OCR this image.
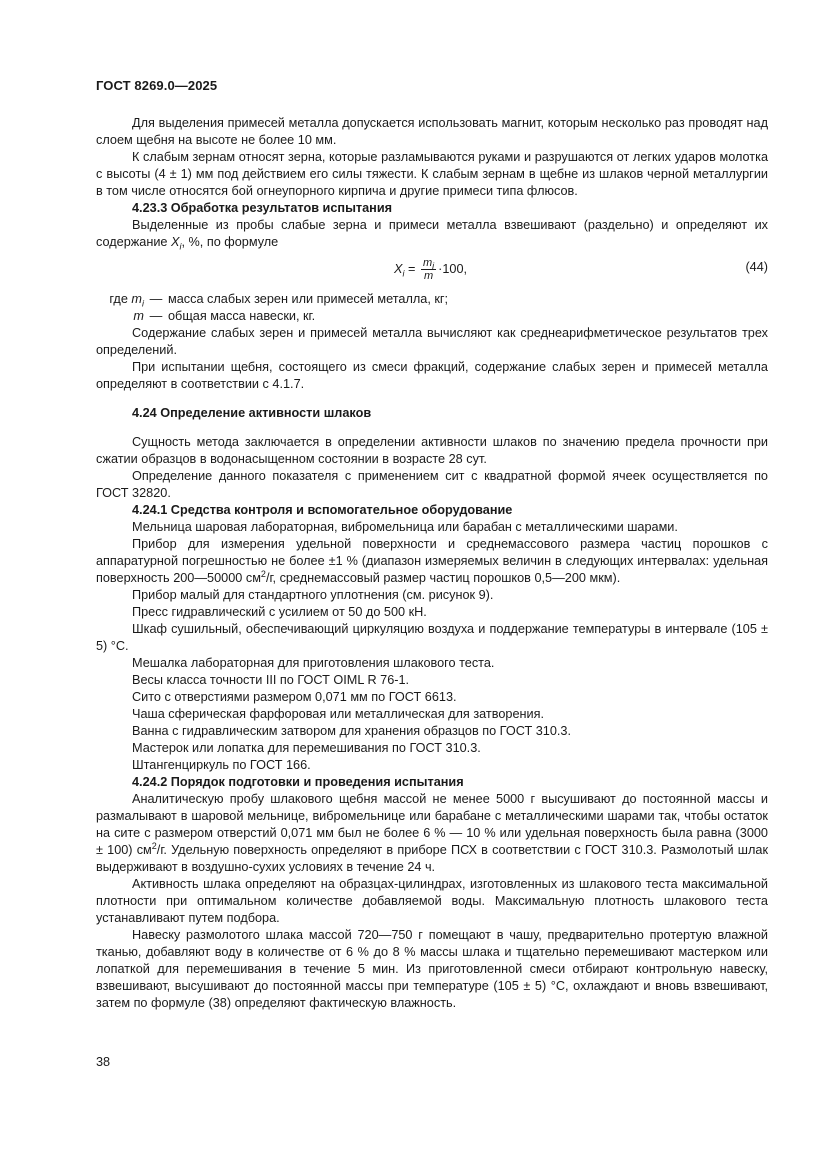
ГОСТ 8269.0—2025

Для выделения примесей металла допускается использовать магнит, которым несколько раз проводят над слоем щебня на высоте не более 10 мм.

К слабым зернам относят зерна, которые разламываются руками и разрушаются от легких ударов молотка с высоты (4 ± 1) мм под действием его силы тяжести. К слабым зернам в щебне из шлаков черной металлургии в том числе относятся бой огнеупорного кирпича и другие примеси типа флюсов.

4.23.3 Обработка результатов испытания

Выделенные из пробы слабые зерна и примеси металла взвешивают (раздельно) и определяют их содержание $X_i$, %, по формуле

$X_i = \frac{m_i}{m} \cdot 100$,	(44)
где $m_i$ — масса слабых зерен или примесей металла, кг;
m — общая масса навески, кг.

Содержание слабых зерен и примесей металла вычисляют как среднеарифметическое результатов трех определений.

При испытании щебня, состоящего из смеси фракций, содержание слабых зерен и примесей металла определяют в соответствии с 4.1.7.

4.24 Определение активности шлаков

Сущность метода заключается в определении активности шлаков по значению предела прочности при сжатии образцов в водонасыщенном состоянии в возрасте 28 сут.

Определение данного показателя с применением сит с квадратной формой ячеек осуществляется по ГОСТ 32820.

4.24.1 Средства контроля и вспомогательное оборудование

Мельница шаровая лабораторная, вибромельница или барабан с металлическими шарами.

Прибор для измерения удельной поверхности и среднемассового размера частиц порошков с аппаратурной погрешностью не более ±1 % (диапазон измеряемых величин в следующих интервалах: удельная поверхность 200—50000 $см^2/г$, среднемассовый размер частиц порошков 0,5—200 мкм).

Прибор малый для стандартного уплотнения (см. рисунок 9).

Пресс гидравлический с усилием от 50 до 500 кН.

Шкаф сушильный, обеспечивающий циркуляцию воздуха и поддержание температуры в интервале (105 ± 5) °С.

Мешалка лабораторная для приготовления шлакового теста.

Весы класса точности III по ГОСТ OIML R 76-1.

Сито с отверстиями размером 0,071 мм по ГОСТ 6613.

Чаша сферическая фарфоровая или металлическая для затворения.

Ванна с гидравлическим затвором для хранения образцов по ГОСТ 310.3.

Мастерок или лопатка для перемешивания по ГОСТ 310.3.

Штангенциркуль по ГОСТ 166.

4.24.2 Порядок подготовки и проведения испытания

Аналитическую пробу шлакового щебня массой не менее 5000 г высушивают до постоянной массы и размалывают в шаровой мельнице, вибромельнице или барабане с металлическими шарами так, чтобы остаток на сите с размером отверстий 0,071 мм был не более 6 % — 10 % или удельная поверхность была равна (3000 ± 100) $см^2/г$. Удельную поверхность определяют в приборе ПСХ в соответствии с ГОСТ 310.3. Размолотый шлак выдерживают в воздушно-сухих условиях в течение 24 ч.

Активность шлака определяют на образцах-цилиндрах, изготовленных из шлакового теста максимальной плотности при оптимальном количестве добавляемой воды. Максимальную плотность шлакового теста устанавливают путем подбора.

Навеску размолотого шлака массой 720—750 г помещают в чашу, предварительно протертую влажной тканью, добавляют воду в количестве от 6 % до 8 % массы шлака и тщательно перемешивают мастерком или лопаткой для перемешивания в течение 5 мин. Из приготовленной смеси отбирают контрольную навеску, взвешивают, высушивают до постоянной массы при температуре (105 ± 5) °С, охлаждают и вновь взвешивают, затем по формуле (38) определяют фактическую влажность.

38
